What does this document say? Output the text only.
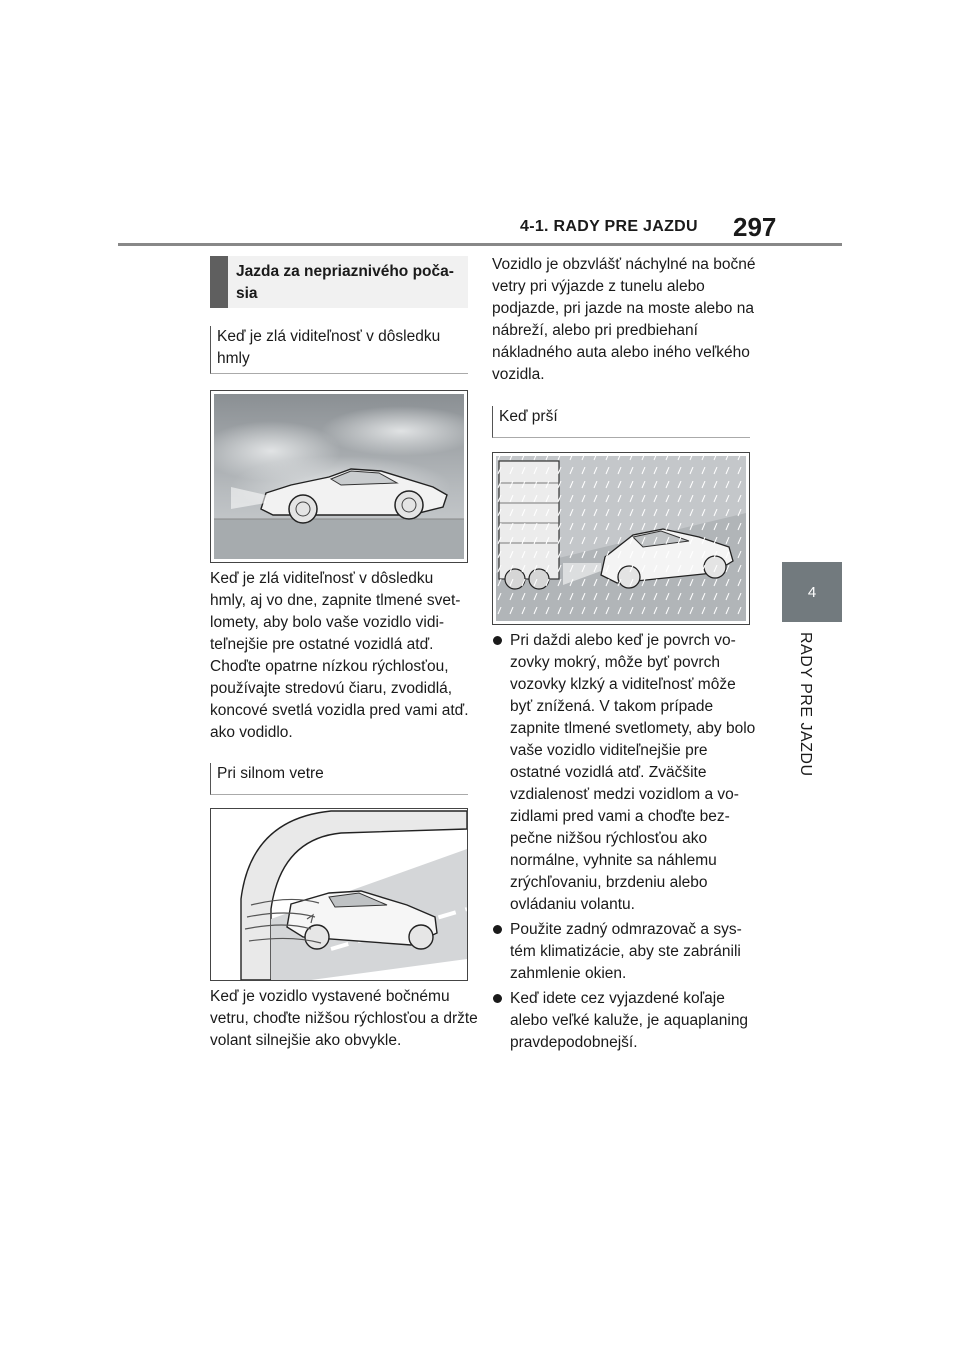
4-1. RADY PRE JAZDU 297
4
RADY PRE JAZDU
Jazda za nepriaznivého počasia
Keď je zlá viditeľnosť v dôsledku hmly

Keď je zlá viditeľnosť v dôsledku hmly, aj vo dne, zapnite tlmené svetlomety, aby bolo vaše vozidlo viditeľnejšie pre ostatné vozidlá atď. Choďte opatrne nízkou rýchlosťou, používajte stredovú čiaru, zvodidlá, koncové svetlá vozidla pred vami atď. ako vodidlo.

Pri silnom vetre

Keď je vozidlo vystavené bočnému vetru, choďte nižšou rýchlosťou a držte volant silnejšie ako obvykle.

Vozidlo je obzvlášť náchylné na bočné vetry pri výjazde z tunelu alebo podjazde, pri jazde na moste alebo na nábreží, alebo pri predbiehaní nákladného auta alebo iného veľkého vozidla.

Keď prší
Pri daždi alebo keď je povrch vozovky mokrý, môže byť povrch vozovky klzký a viditeľnosť môže byť znížená. V takom prípade zapnite tlmené svetlomety, aby bolo vaše vozidlo viditeľnejšie pre ostatné vozidlá atď. Zväčšite vzdialenosť medzi vozidlom a vozidlami pred vami a choďte bezpečne nižšou rýchlosťou ako normálne, vyhnite sa náhlemu zrýchľovaniu, brzdeniu alebo ovládaniu volantu.
Použite zadný odmrazovač a systém klimatizácie, aby ste zabránili zahmlenie okien.
Keď idete cez vyjazdené koľaje alebo veľké kaluže, je aquaplaning pravdepodobnejší.
